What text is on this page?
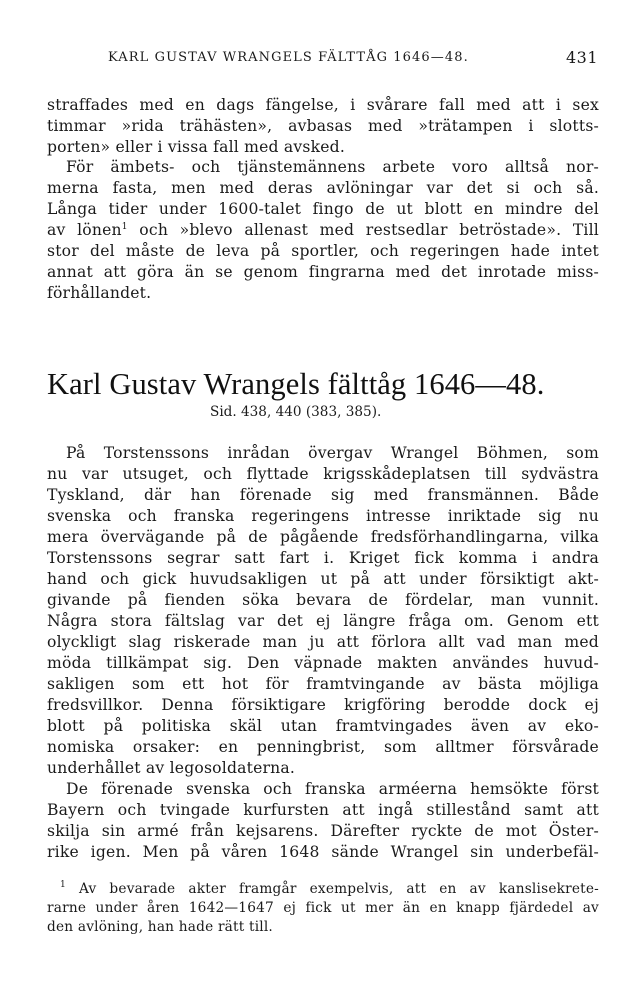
KARL GUSTAV WRANGELS FÄLTTÅG 1646—48.	431
straffades med en dags fängelse, i svårare fall med att i sex
timmar »rida trähästen», avbasas med »trätampen i slotts-
porten» eller i vissa fall med avsked.
För ämbets- och tjänstemännens arbete voro alltså nor-
merna fasta, men med deras avlöningar var det si och så.
Långa tider under 1600-talet fingo de ut blott en mindre del
av lönen$^1$ och »blevo allenast med restsedlar betröstade». Till
stor del måste de leva på sportler, och regeringen hade intet
annat att göra än se genom fingrarna med det inrotade miss-
förhållandet.
Karl Gustav Wrangels fälttåg 1646—48.
Sid. 438, 440 (383, 385).
På Torstenssons inrådan övergav Wrangel Böhmen, som
nu var utsuget, och flyttade krigsskådeplatsen till sydvästra
Tyskland, där han förenade sig med fransmännen. Både
svenska och franska regeringens intresse inriktade sig nu
mera övervägande på de pågående fredsförhandlingarna, vilka
Torstenssons segrar satt fart i. Kriget fick komma i andra
hand och gick huvudsakligen ut på att under försiktigt akt-
givande på fienden söka bevara de fördelar, man vunnit.
Några stora fältslag var det ej längre fråga om. Genom ett
olyckligt slag riskerade man ju att förlora allt vad man med
möda tillkämpat sig. Den väpnade makten användes huvud-
sakligen som ett hot för framtvingande av bästa möjliga
fredsvillkor. Denna försiktigare krigföring berodde dock ej
blott på politiska skäl utan framtvingades även av eko-
nomiska orsaker: en penningbrist, som alltmer försvårade
underhållet av legosoldaterna.
De förenade svenska och franska arméerna hemsökte först
Bayern och tvingade kurfursten att ingå stillestånd samt att
skilja sin armé från kejsarens. Därefter ryckte de mot Öster-
rike igen. Men på våren 1648 sände Wrangel sin underbefäl-
$^1$ Av bevarade akter framgår exempelvis, att en av kanslisekrete-
rarne under åren 1642—1647 ej fick ut mer än en knapp fjärdedel av
den avlöning, han hade rätt till.
